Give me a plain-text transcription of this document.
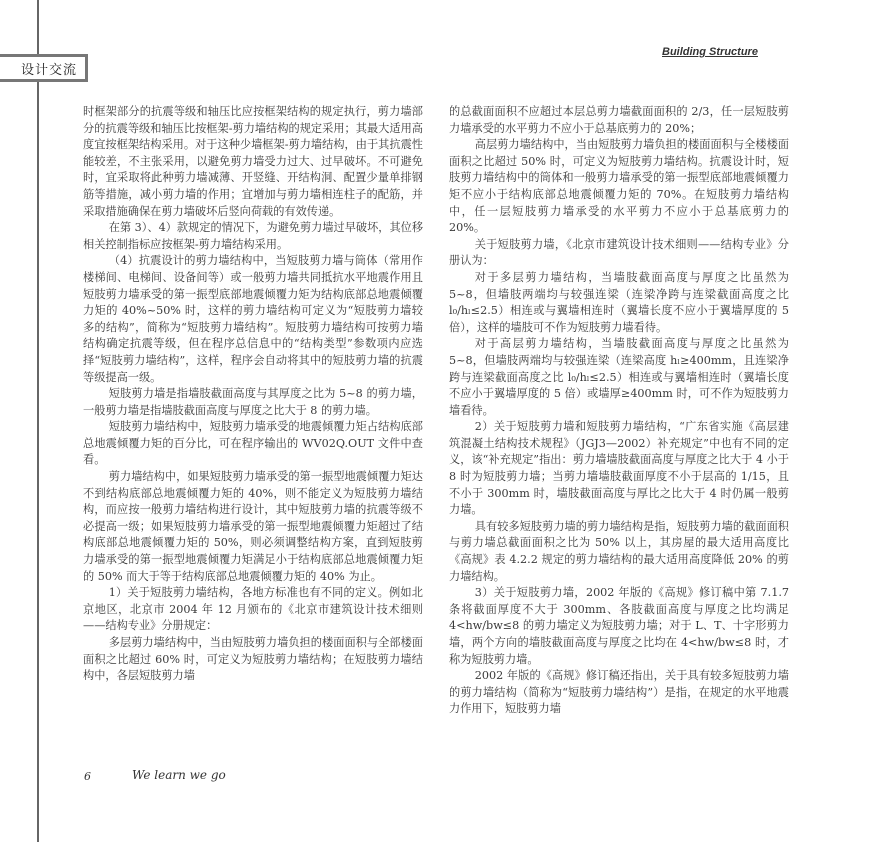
设计交流
Building Structure

时框架部分的抗震等级和轴压比应按框架结构的规定执行，剪力墙部分的抗震等级和轴压比按框架-剪力墙结构的规定采用；其最大适用高度宜按框架结构采用。对于这种少墙框架-剪力墙结构，由于其抗震性能较差，不主张采用，以避免剪力墙受力过大、过早破坏。不可避免时，宜采取将此种剪力墙减薄、开竖缝、开结构洞、配置少量单排钢筋等措施，减小剪力墙的作用；宜增加与剪力墙相连柱子的配筋，并采取措施确保在剪力墙破坏后竖向荷载的有效传递。

在第 3）、4）款规定的情况下，为避免剪力墙过早破坏，其位移相关控制指标应按框架-剪力墙结构采用。

（4）抗震设计的剪力墙结构中，当短肢剪力墙与筒体（常用作楼梯间、电梯间、设备间等）或一般剪力墙共同抵抗水平地震作用且短肢剪力墙承受的第一振型底部地震倾覆力矩为结构底部总地震倾覆力矩的 40%~50% 时，这样的剪力墙结构可定义为“短肢剪力墙较多的结构”，简称为“短肢剪力墙结构”。短肢剪力墙结构可按剪力墙结构确定抗震等级，但在程序总信息中的“结构类型”参数项内应选择“短肢剪力墙结构”，这样，程序会自动将其中的短肢剪力墙的抗震等级提高一级。

短肢剪力墙是指墙肢截面高度与其厚度之比为 5~8 的剪力墙，一般剪力墙是指墙肢截面高度与厚度之比大于 8 的剪力墙。

短肢剪力墙结构中，短肢剪力墙承受的地震倾覆力矩占结构底部总地震倾覆力矩的百分比，可在程序输出的 WV02Q.OUT 文件中查看。

剪力墙结构中，如果短肢剪力墙承受的第一振型地震倾覆力矩达不到结构底部总地震倾覆力矩的 40%，则不能定义为短肢剪力墙结构，而应按一般剪力墙结构进行设计，其中短肢剪力墙的抗震等级不必提高一级；如果短肢剪力墙承受的第一振型地震倾覆力矩超过了结构底部总地震倾覆力矩的 50%，则必须调整结构方案，直到短肢剪力墙承受的第一振型地震倾覆力矩满足小于结构底部总地震倾覆力矩的 50% 而大于等于结构底部总地震倾覆力矩的 40% 为止。

1）关于短肢剪力墙结构，各地方标准也有不同的定义。例如北京地区，北京市 2004 年 12 月颁布的《北京市建筑设计技术细则——结构专业》分册规定：

多层剪力墙结构中，当由短肢剪力墙负担的楼面面积与全部楼面面积之比超过 60% 时，可定义为短肢剪力墙结构；在短肢剪力墙结构中，各层短肢剪力墙

的总截面面积不应超过本层总剪力墙截面面积的 2/3，任一层短肢剪力墙承受的水平剪力不应小于总基底剪力的 20%；

高层剪力墙结构中，当由短肢剪力墙负担的楼面面积与全楼楼面面积之比超过 50% 时，可定义为短肢剪力墙结构。抗震设计时，短肢剪力墙结构中的筒体和一般剪力墙承受的第一振型底部地震倾覆力矩不应小于结构底部总地震倾覆力矩的 70%。在短肢剪力墙结构中，任一层短肢剪力墙承受的水平剪力不应小于总基底剪力的 20%。

关于短肢剪力墙，《北京市建筑设计技术细则——结构专业》分册认为：

对于多层剪力墙结构，当墙肢截面高度与厚度之比虽然为 5~8，但墙肢两端均与较强连梁（连梁净跨与连梁截面高度之比 l₀/hₗ≤2.5）相连或与翼墙相连时（翼墙长度不应小于翼墙厚度的 5 倍），这样的墙肢可不作为短肢剪力墙看待。

对于高层剪力墙结构，当墙肢截面高度与厚度之比虽然为 5~8，但墙肢两端均与较强连梁（连梁高度 hₗ≥400mm，且连梁净跨与连梁截面高度之比 l₀/hₗ≤2.5）相连或与翼墙相连时（翼墙长度不应小于翼墙厚度的 5 倍）或墙厚≥400mm 时，可不作为短肢剪力墙看待。

2）关于短肢剪力墙和短肢剪力墙结构，“广东省实施《高层建筑混凝土结构技术规程》（JGJ3—2002）补充规定”中也有不同的定义，该“补充规定”指出：剪力墙墙肢截面高度与厚度之比大于 4 小于 8 时为短肢剪力墙；当剪力墙墙肢截面厚度不小于层高的 1/15，且不小于 300mm 时，墙肢截面高度与厚比之比大于 4 时仍属一般剪力墙。

具有较多短肢剪力墙的剪力墙结构是指，短肢剪力墙的截面面积与剪力墙总截面面积之比为 50% 以上，其房屋的最大适用高度比《高规》表 4.2.2 规定的剪力墙结构的最大适用高度降低 20% 的剪力墙结构。

3）关于短肢剪力墙，2002 年版的《高规》修订稿中第 7.1.7 条将截面厚度不大于 300mm、各肢截面高度与厚度之比均满足 4<hw/bw≤8 的剪力墙定义为短肢剪力墙；对于 L、T、十字形剪力墙，两个方向的墙肢截面高度与厚度之比均在 4<hw/bw≤8 时，才称为短肢剪力墙。

2002 年版的《高规》修订稿还指出，关于具有较多短肢剪力墙的剪力墙结构（简称为“短肢剪力墙结构”）是指，在规定的水平地震力作用下，短肢剪力墙

6	We learn we go
